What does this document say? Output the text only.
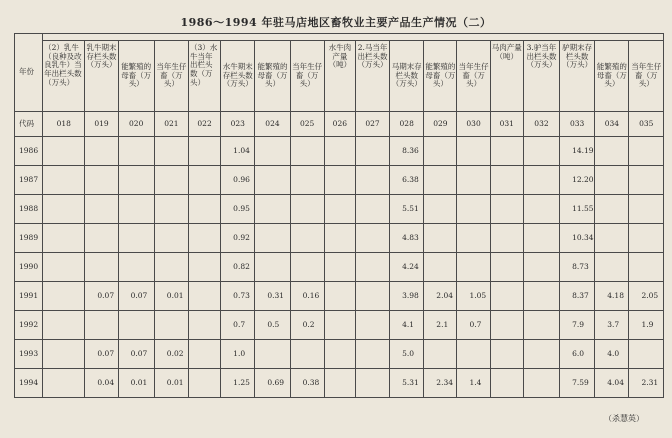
1986～1994 年驻马店地区畜牧业主要产品生产情况（二）
年份																		
	（2）乳牛（良种及改良乳牛）当年出栏头数（万头）	乳牛期末存栏头数（万头）	能繁殖的母畜（万头）	当年生仔畜（万头）	（3）水牛当年出栏头数（万头）	水牛期末存栏头数（万头）	能繁殖的母畜（万头）	当年生仔畜（万头）	水牛肉产量（吨）	2.马当年出栏头数（万头）	马期末存栏头数（万头）	能繁殖的母畜（万头）	当年生仔畜（万头）	马肉产量（吨）	3.驴当年出栏头数（万头）	驴期末存栏头数（万头）	能繁殖的母畜（万头）	当年生仔畜（万头）
代码	018	019	020	021	022	023	024	025	026	027	028	029	030	031	032	033	034	035
1986						1.04					8.36					14.19		
1987						0.96					6.38					12.20		
1988						0.95					5.51					11.55		
1989						0.92					4.83					10.34		
1990						0.82					4.24					8.73		
1991		0.07	0.07	0.01		0.73	0.31	0.16			3.98	2.04	1.05			8.37	4.18	2.05
1992						0.7	0.5	0.2			4.1	2.1	0.7			7.9	3.7	1.9
1993		0.07	0.07	0.02		1.0					5.0					6.0	4.0	
1994		0.04	0.01	0.01		1.25	0.69	0.38			5.31	2.34	1.4			7.59	4.04	2.31
（杀慧英）
